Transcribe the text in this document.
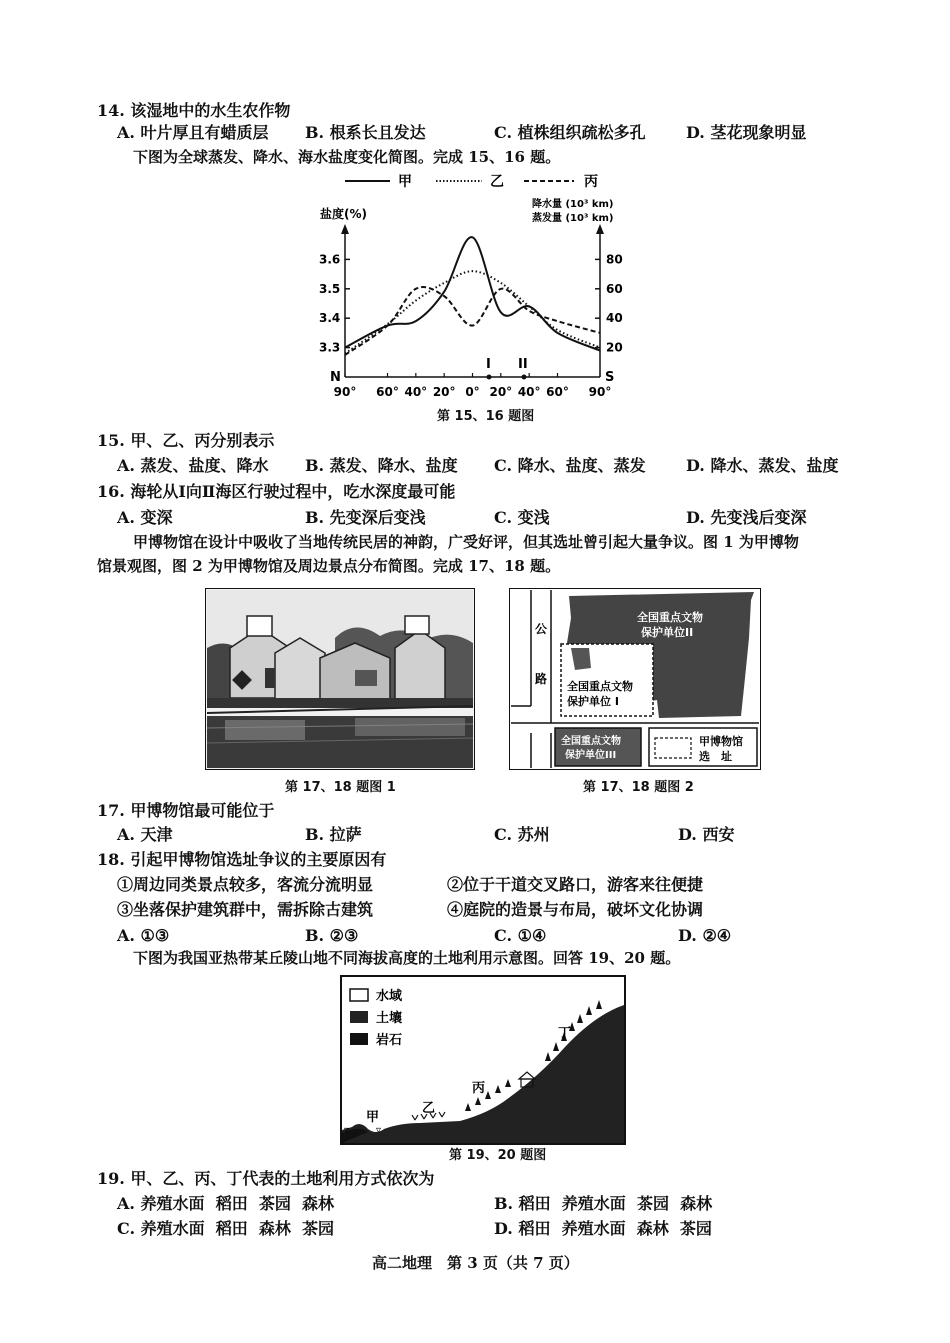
14. 该湿地中的水生农作物
A. 叶片厚且有蜡质层 B. 根系长且发达	C. 植株组织疏松多孔	D. 茎花现象明显
下图为全球蒸发、降水、海水盐度变化简图。完成 15、16 题。
甲	乙	丙
盐度(%)
降水量 (10³ km)
蒸发量 (10³ km)
3.6
3.5
3.4
3.3
80
60
40
20
90° 60° 40° 20° 0° 20° 40° 60° 90°
N	S
I II
第 15、16 题图
15. 甲、乙、丙分别表示
A. 蒸发、盐度、降水 B. 蒸发、降水、盐度 C. 降水、盐度、蒸发	D. 降水、蒸发、盐度
16. 海轮从Ⅰ向Ⅱ海区行驶过程中，吃水深度最可能
A. 变深	B. 先变深后变浅	C. 变浅	D. 先变浅后变深
甲博物馆在设计中吸收了当地传统民居的神韵，广受好评，但其选址曾引起大量争议。图 1 为甲博物
馆景观图，图 2 为甲博物馆及周边景点分布简图。完成 17、18 题。
第 17、18 题图 1
全国重点文物
保护单位II
全国重点文物
保护单位 I
公
路
全国重点文物
保护单位III
甲博物馆
选　址
第 17、18 题图 2
17. 甲博物馆最可能位于
A. 天津	B. 拉萨	C. 苏州	D. 西安
18. 引起甲博物馆选址争议的主要原因有
①周边同类景点较多，客流分流明显	②位于干道交叉路口，游客来往便捷
③坐落保护建筑群中，需拆除古建筑	④庭院的造景与布局，破坏文化协调
A. ①③	B. ②③	C. ①④	D. ②④
下图为我国亚热带某丘陵山地不同海拔高度的土地利用示意图。回答 19、20 题。
水域
土壤
岩石
▿	▿
甲
乙
丙
丁
第 19、20 题图
19. 甲、乙、丙、丁代表的土地利用方式依次为
A. 养殖水面  稻田  茶园  森林	B. 稻田  养殖水面  茶园  森林
C. 养殖水面  稻田  森林  茶园	D. 稻田  养殖水面  森林  茶园
高二地理　第 3 页（共 7 页）
